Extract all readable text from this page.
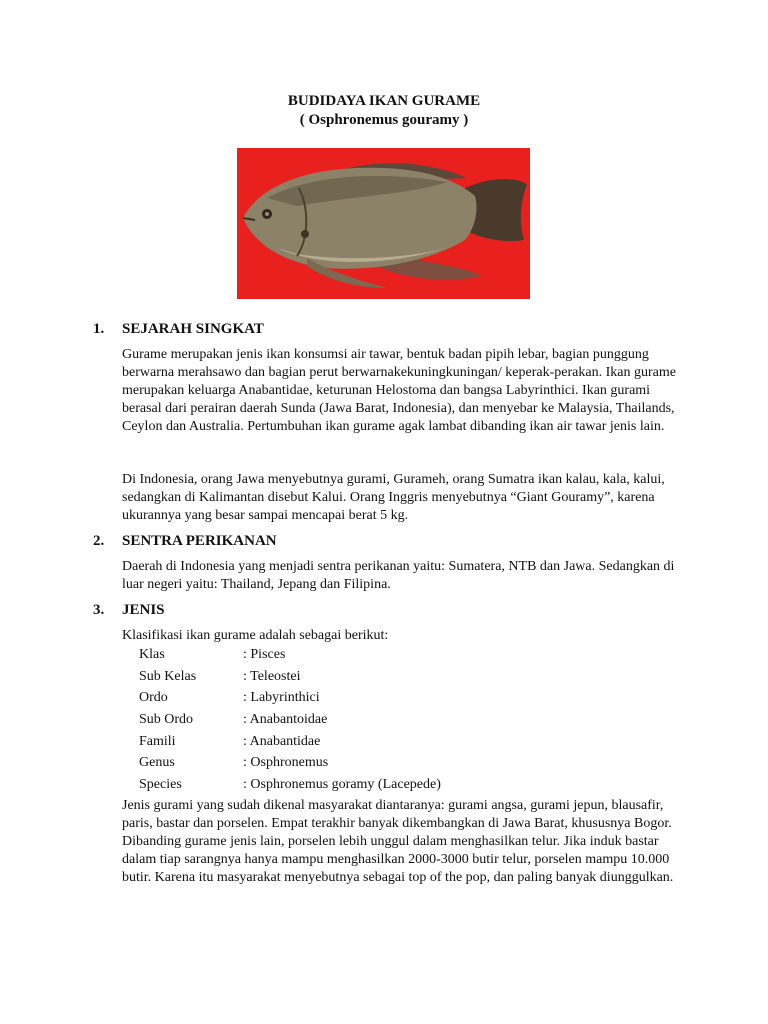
BUDIDAYA IKAN GURAME
( Osphronemus gouramy )
1. SEJARAH SINGKAT
Gurame merupakan jenis ikan konsumsi air tawar, bentuk badan pipih lebar, bagian punggung berwarna merahsawo dan bagian perut berwarnakekuningkuningan/ keperak-perakan. Ikan gurame merupakan keluarga Anabantidae, keturunan Helostoma dan bangsa Labyrinthici. Ikan gurami berasal dari perairan daerah Sunda (Jawa Barat, Indonesia), dan menyebar ke Malaysia, Thailands, Ceylon dan Australia. Pertumbuhan ikan gurame agak lambat dibanding ikan air tawar jenis lain.
Di Indonesia, orang Jawa menyebutnya gurami, Gurameh, orang Sumatra ikan kalau, kala, kalui, sedangkan di Kalimantan disebut Kalui. Orang Inggris menyebutnya “Giant Gouramy”, karena ukurannya yang besar sampai mencapai berat 5 kg.
2. SENTRA PERIKANAN
Daerah di Indonesia yang menjadi sentra perikanan yaitu: Sumatera, NTB dan Jawa. Sedangkan di luar negeri yaitu: Thailand, Jepang dan Filipina.
3. JENIS
Klasifikasi ikan gurame adalah sebagai berikut:
Klas	: Pisces
Sub Kelas	: Teleostei
Ordo	: Labyrinthici
Sub Ordo	: Anabantoidae
Famili	: Anabantidae
Genus	: Osphronemus
Species	: Osphronemus goramy (Lacepede)
Jenis gurami yang sudah dikenal masyarakat diantaranya: gurami angsa, gurami jepun, blausafir, paris, bastar dan porselen. Empat terakhir banyak dikembangkan di Jawa Barat, khususnya Bogor. Dibanding gurame jenis lain, porselen lebih unggul dalam menghasilkan telur. Jika induk bastar dalam tiap sarangnya hanya mampu menghasilkan 2000-3000 butir telur, porselen mampu 10.000 butir. Karena itu masyarakat menyebutnya sebagai top of the pop, dan paling banyak diunggulkan.
